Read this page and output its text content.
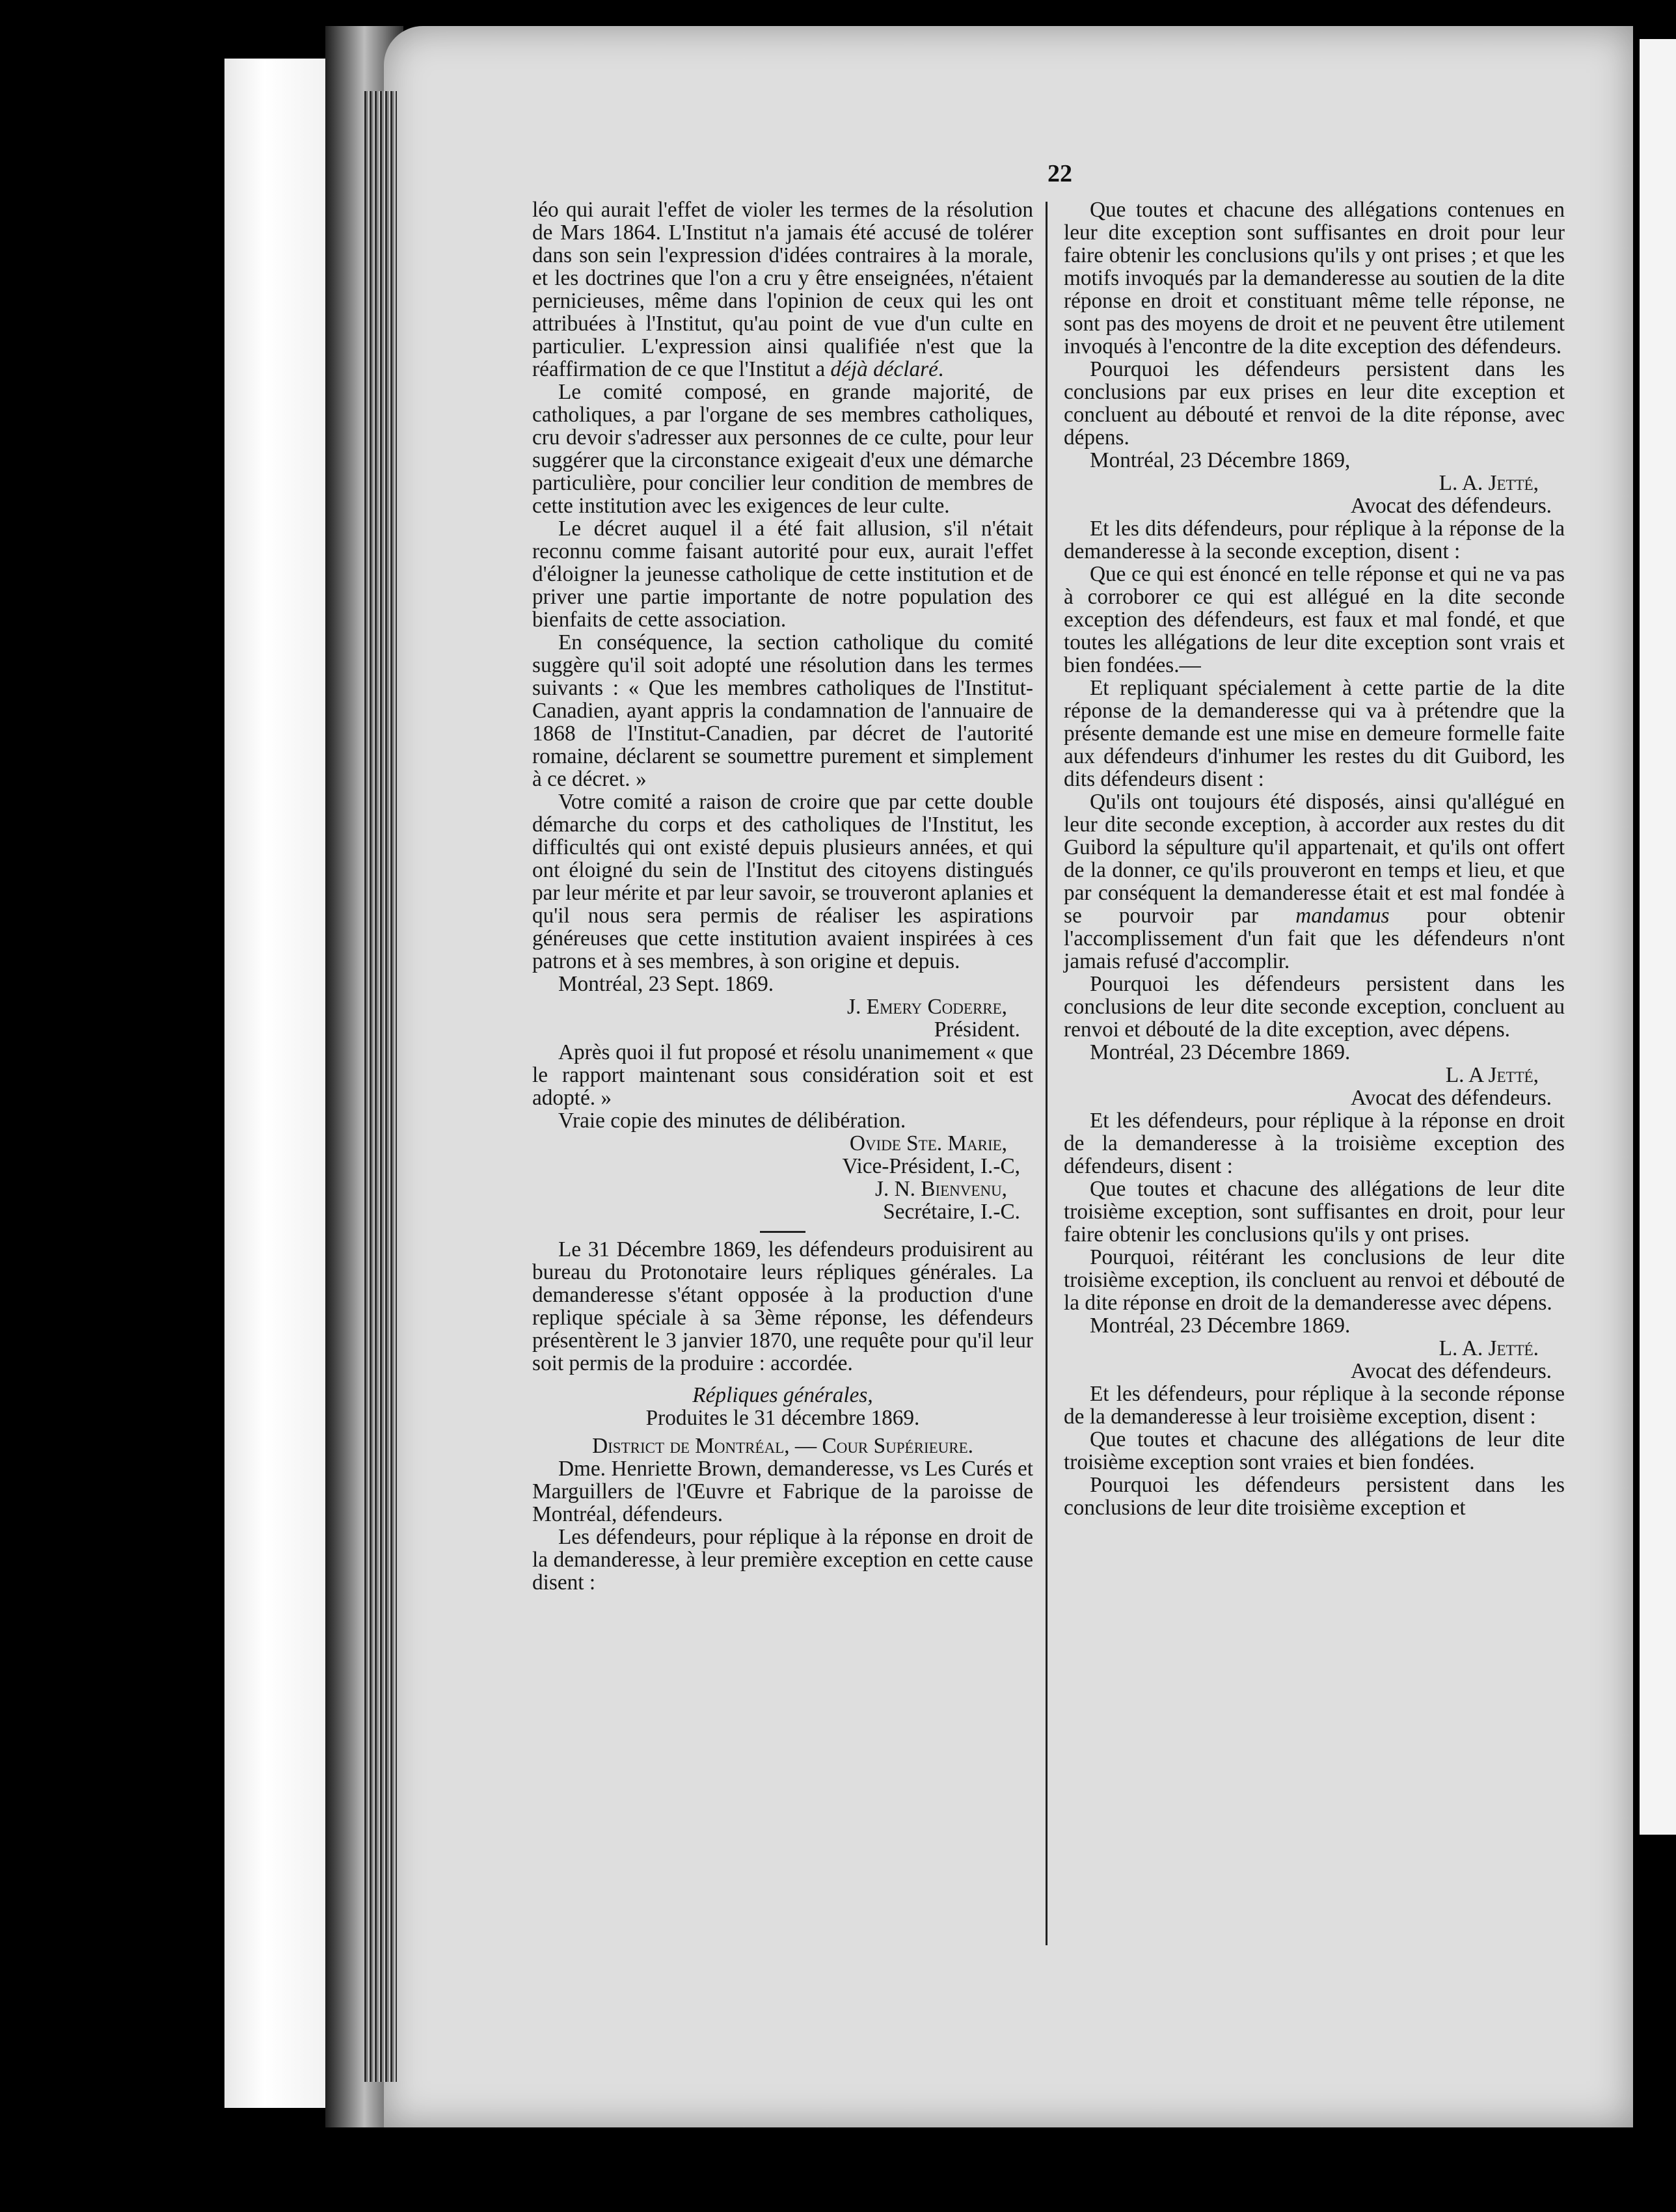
22

léo qui aurait l'effet de violer les termes de la résolution de Mars 1864. L'Institut n'a jamais été accusé de tolérer dans son sein l'expression d'idées contraires à la morale, et les doctrines que l'on a cru y être enseignées, n'étaient pernicieuses, même dans l'opinion de ceux qui les ont attribuées à l'Institut, qu'au point de vue d'un culte en particulier. L'expression ainsi qualifiée n'est que la réaffirmation de ce que l'Institut a déjà déclaré.

Le comité composé, en grande majorité, de catholiques, a par l'organe de ses membres catholiques, cru devoir s'adresser aux personnes de ce culte, pour leur suggérer que la circonstance exigeait d'eux une démarche particulière, pour concilier leur condition de membres de cette institution avec les exigences de leur culte.

Le décret auquel il a été fait allusion, s'il n'était reconnu comme faisant autorité pour eux, aurait l'effet d'éloigner la jeunesse catholique de cette institution et de priver une partie importante de notre population des bienfaits de cette association.

En conséquence, la section catholique du comité suggère qu'il soit adopté une résolution dans les termes suivants : « Que les membres catholiques de l'Institut-Canadien, ayant appris la condamnation de l'annuaire de 1868 de l'Institut-Canadien, par décret de l'autorité romaine, déclarent se soumettre purement et simplement à ce décret. »

Votre comité a raison de croire que par cette double démarche du corps et des catholiques de l'Institut, les difficultés qui ont existé depuis plusieurs années, et qui ont éloigné du sein de l'Institut des citoyens distingués par leur mérite et par leur savoir, se trouveront aplanies et qu'il nous sera permis de réaliser les aspirations généreuses que cette institution avaient inspirées à ces patrons et à ses membres, à son origine et depuis.

Montréal, 23 Sept. 1869.

J. Emery Coderre,

Président.

Après quoi il fut proposé et résolu unanimement « que le rapport maintenant sous considération soit et est adopté. »

Vraie copie des minutes de délibération.

Ovide Ste. Marie,

Vice-Président, I.-C,

J. N. Bienvenu,

Secrétaire, I.-C.

Le 31 Décembre 1869, les défendeurs produisirent au bureau du Protonotaire leurs répliques générales. La demanderesse s'étant opposée à la production d'une replique spéciale à sa 3ème réponse, les défendeurs présentèrent le 3 janvier 1870, une requête pour qu'il leur soit permis de la produire : accordée.

Répliques générales,

Produites le 31 décembre 1869.

District de Montréal, — Cour Supérieure.

Dme. Henriette Brown, demanderesse, vs Les Curés et Marguillers de l'Œuvre et Fabrique de la paroisse de Montréal, défendeurs.

Les défendeurs, pour réplique à la réponse en droit de la demanderesse, à leur première exception en cette cause disent :

Que toutes et chacune des allégations contenues en leur dite exception sont suffisantes en droit pour leur faire obtenir les conclusions qu'ils y ont prises ; et que les motifs invoqués par la demanderesse au soutien de la dite réponse en droit et constituant même telle réponse, ne sont pas des moyens de droit et ne peuvent être utilement invoqués à l'encontre de la dite exception des défendeurs.

Pourquoi les défendeurs persistent dans les conclusions par eux prises en leur dite exception et concluent au débouté et renvoi de la dite réponse, avec dépens.

Montréal, 23 Décembre 1869,

L. A. Jetté,

Avocat des défendeurs.

Et les dits défendeurs, pour réplique à la réponse de la demanderesse à la seconde exception, disent :

Que ce qui est énoncé en telle réponse et qui ne va pas à corroborer ce qui est allégué en la dite seconde exception des défendeurs, est faux et mal fondé, et que toutes les allégations de leur dite exception sont vrais et bien fondées.—

Et repliquant spécialement à cette partie de la dite réponse de la demanderesse qui va à prétendre que la présente demande est une mise en demeure formelle faite aux défendeurs d'inhumer les restes du dit Guibord, les dits défendeurs disent :

Qu'ils ont toujours été disposés, ainsi qu'allégué en leur dite seconde exception, à accorder aux restes du dit Guibord la sépulture qu'il appartenait, et qu'ils ont offert de la donner, ce qu'ils prouveront en temps et lieu, et que par conséquent la demanderesse était et est mal fondée à se pourvoir par mandamus pour obtenir l'accomplissement d'un fait que les défendeurs n'ont jamais refusé d'accomplir.

Pourquoi les défendeurs persistent dans les conclusions de leur dite seconde exception, concluent au renvoi et débouté de la dite exception, avec dépens.

Montréal, 23 Décembre 1869.

L. A Jetté,

Avocat des défendeurs.

Et les défendeurs, pour réplique à la réponse en droit de la demanderesse à la troisième exception des défendeurs, disent :

Que toutes et chacune des allégations de leur dite troisième exception, sont suffisantes en droit, pour leur faire obtenir les conclusions qu'ils y ont prises.

Pourquoi, réitérant les conclusions de leur dite troisième exception, ils concluent au renvoi et débouté de la dite réponse en droit de la demanderesse avec dépens.

Montréal, 23 Décembre 1869.

L. A. Jetté.

Avocat des défendeurs.

Et les défendeurs, pour réplique à la seconde réponse de la demanderesse à leur troisième exception, disent :

Que toutes et chacune des allégations de leur dite troisième exception sont vraies et bien fondées.

Pourquoi les défendeurs persistent dans les conclusions de leur dite troisième exception et
